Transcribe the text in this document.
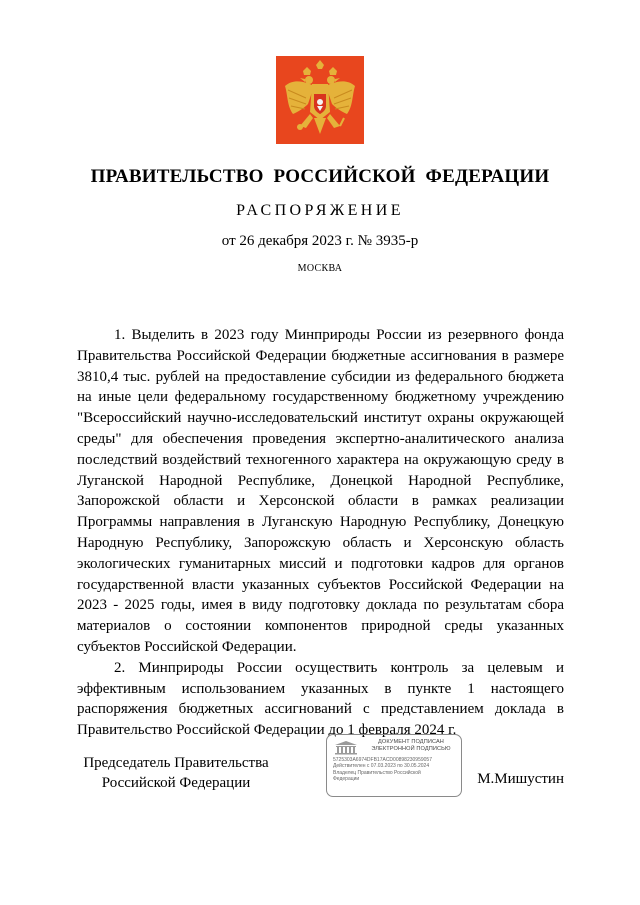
ПРАВИТЕЛЬСТВО РОССИЙСКОЙ ФЕДЕРАЦИИ
РАСПОРЯЖЕНИЕ
от 26 декабря 2023 г. № 3935-р
МОСКВА

1. Выделить в 2023 году Минприроды России из резервного фонда Правительства Российской Федерации бюджетные ассигнования в размере 3810,4 тыс. рублей на предоставление субсидии из федерального бюджета на иные цели федеральному государственному бюджетному учреждению "Всероссийский научно-исследовательский институт охраны окружающей среды" для обеспечения проведения экспертно-аналитического анализа последствий воздействий техногенного характера на окружающую среду в Луганской Народной Республике, Донецкой Народной Республике, Запорожской области и Херсонской области в рамках реализации Программы направления в Луганскую Народную Республику, Донецкую Народную Республику, Запорожскую область и Херсонскую область экологических гуманитарных миссий и подготовки кадров для органов государственной власти указанных субъектов Российской Федерации на 2023 - 2025 годы, имея в виду подготовку доклада по результатам сбора материалов о состоянии компонентов природной среды указанных субъектов Российской Федерации.

2. Минприроды России осуществить контроль за целевым и эффективным использованием указанных в пункте 1 настоящего распоряжения бюджетных ассигнований с представлением доклада в Правительство Российской Федерации до 1 февраля 2024 г.

Председатель Правительства
Российской Федерации
ДОКУМЕНТ ПОДПИСАН
ЭЛЕКТРОННОЙ ПОДПИСЬЮ
5725303A6974DFB17ACD00898230959057
Действителен с 07.03.2023 по 30.05.2024
Владелец Правительство Российской
Федерации	М.Мишустин
